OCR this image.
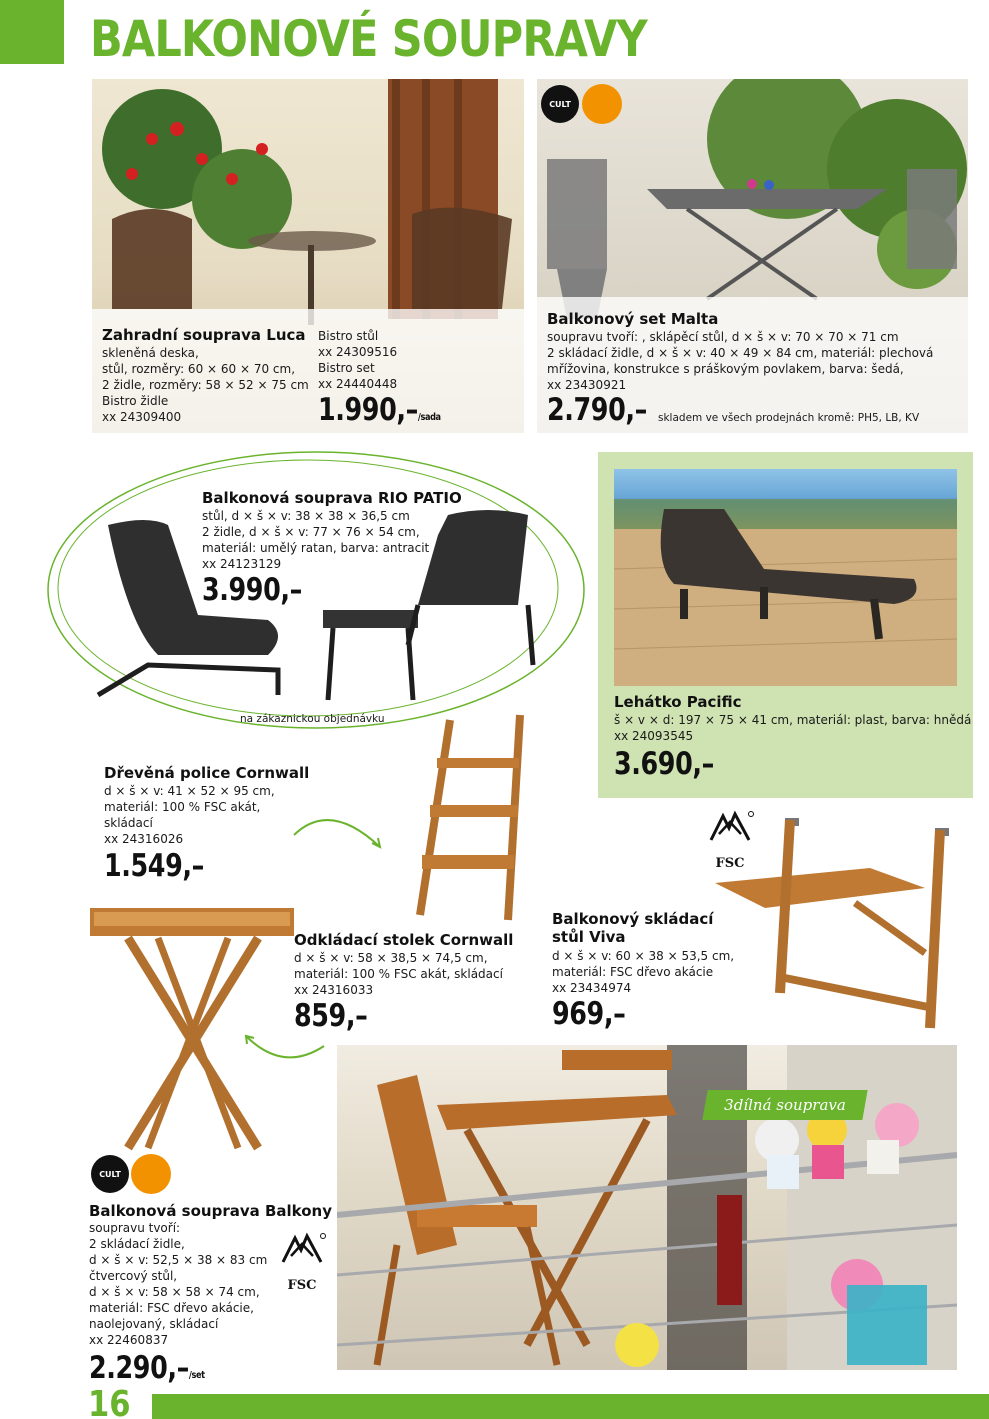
BALKONOVÉ SOUPRAVY
Zahradní souprava Luca
skleněná deska,
stůl, rozměry: 60 × 60 × 70 cm,
2 židle, rozměry: 58 × 52 × 75 cm
Bistro židle
xx 24309400
Bistro stůl
xx 24309516
Bistro set
xx 24440448
1.990,–/sada
CULT
Balkonový set Malta
soupravu tvoří: , sklápěcí stůl, d × š × v: 70 × 70 × 71 cm
2 skládací židle, d × š × v: 40 × 49 × 84 cm, materiál: plechová
mřížovina, konstrukce s práškovým povlakem, barva: šedá,
xx 23430921
2.790,– skladem ve všech prodejnách kromě: PH5, LB, KV
Balkonová souprava RIO PATIO
stůl, d × š × v: 38 × 38 × 36,5 cm
2 židle, d × š × v: 77 × 76 × 54 cm,
materiál: umělý ratan, barva: antracit
xx 24123129
3.990,–
na zákaznickou objednávku
Lehátko Pacific
š × v × d: 197 × 75 × 41 cm, materiál: plast, barva: hnědá
xx 24093545
3.690,–
Dřevěná police Cornwall
d × š × v: 41 × 52 × 95 cm,
materiál: 100 % FSC akát,
skládací
xx 24316026
1.549,–
Odkládací stolek Cornwall
d × š × v: 58 × 38,5 × 74,5 cm,
materiál: 100 % FSC akát, skládací
xx 24316033
859,–
FSC
Balkonový skládací
stůl Viva
d × š × v: 60 × 38 × 53,5 cm,
materiál: FSC dřevo akácie
xx 23434974
969,–
3dílná souprava
CULT
Balkonová souprava Balkony
soupravu tvoří:
2 skládací židle,
d × š × v: 52,5 × 38 × 83 cm
čtvercový stůl,
d × š × v: 58 × 58 × 74 cm,
materiál: FSC dřevo akácie,
naolejovaný, skládací
xx 22460837
2.290,–/set
FSC
16
